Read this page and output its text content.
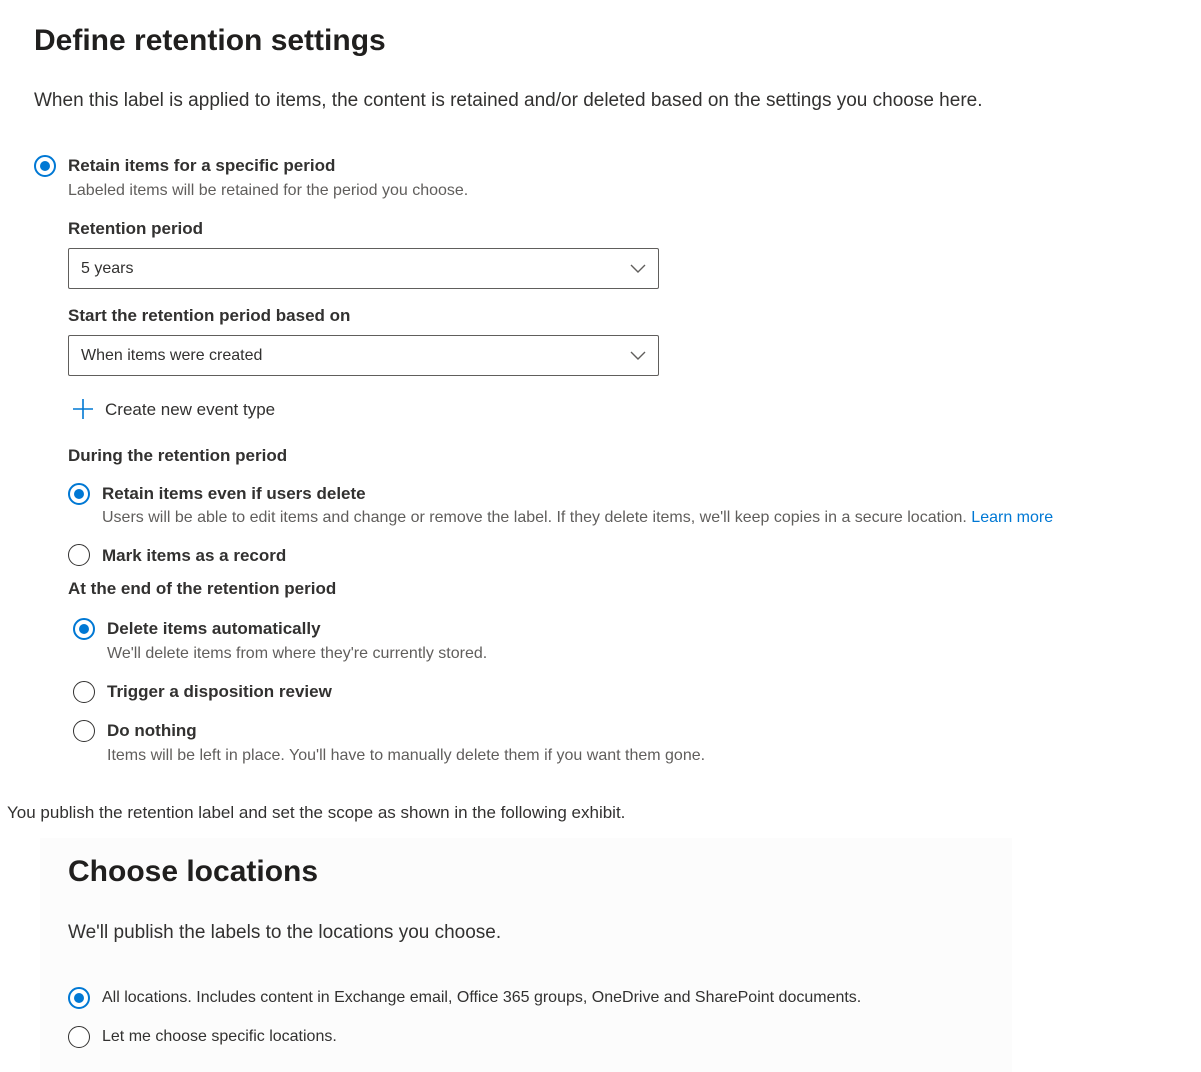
Define retention settings
When this label is applied to items, the content is retained and/or deleted based on the settings you choose here.
Retain items for a specific period
Labeled items will be retained for the period you choose.
Retention period
5 years
Start the retention period based on
When items were created
Create new event type
During the retention period
Retain items even if users delete
Users will be able to edit items and change or remove the label. If they delete items, we'll keep copies in a secure location. Learn more
Mark items as a record
At the end of the retention period
Delete items automatically
We'll delete items from where they're currently stored.
Trigger a disposition review
Do nothing
Items will be left in place. You'll have to manually delete them if you want them gone.
You publish the retention label and set the scope as shown in the following exhibit.
Choose locations
We'll publish the labels to the locations you choose.
All locations. Includes content in Exchange email, Office 365 groups, OneDrive and SharePoint documents.
Let me choose specific locations.
